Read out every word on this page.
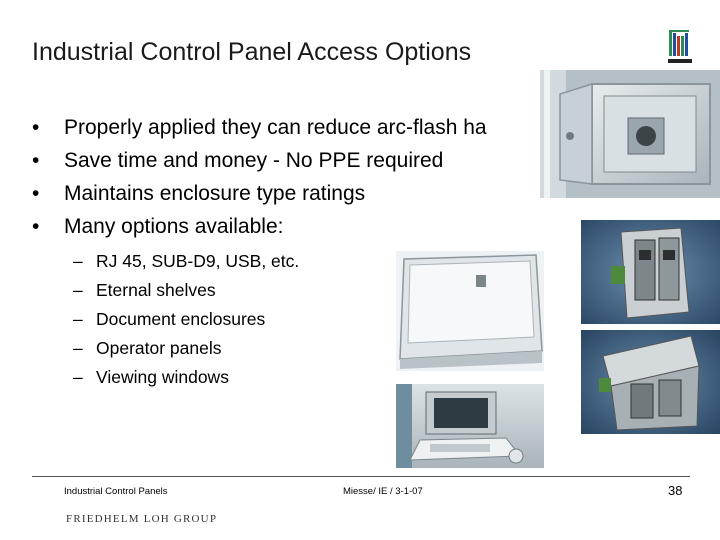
Industrial Control Panel Access Options
• Properly applied they can reduce arc-flash ha
• Save time and money - No PPE required
• Maintains enclosure type ratings
• Many options available:
– RJ 45, SUB-D9, USB, etc.
– Eternal shelves
– Document enclosures
– Operator panels
– Viewing windows
Industrial Control Panels	Miesse/ IE / 3-1-07	38
FRIEDHELM LOH GROUP
